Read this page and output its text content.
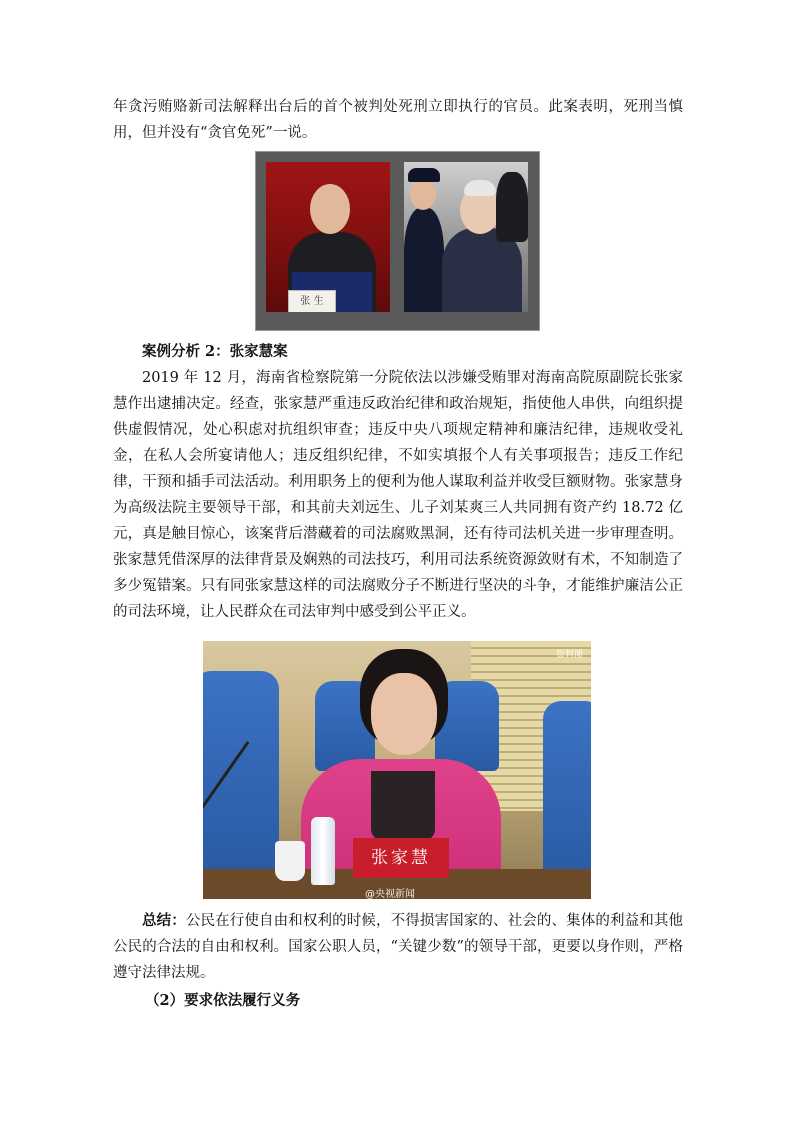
年贪污贿赂新司法解释出台后的首个被判处死刑立即执行的官员。此案表明，死刑当慎用，但并没有“贪官免死”一说。

张 生

案例分析 2：张家慧案

2019 年 12 月，海南省检察院第一分院依法以涉嫌受贿罪对海南高院原副院长张家慧作出逮捕决定。经查，张家慧严重违反政治纪律和政治规矩，指使他人串供，向组织提供虚假情况，处心积虑对抗组织审查；违反中央八项规定精神和廉洁纪律，违规收受礼金，在私人会所宴请他人；违反组织纪律，不如实填报个人有关事项报告；违反工作纪律，干预和插手司法活动。利用职务上的便利为他人谋取利益并收受巨额财物。张家慧身为高级法院主要领导干部，和其前夫刘远生、儿子刘某爽三人共同拥有资产约 18.72 亿元，真是触目惊心，该案背后潜藏着的司法腐败黑洞，还有待司法机关进一步审理查明。张家慧凭借深厚的法律背景及娴熟的司法技巧，利用司法系统资源敛财有术，不知制造了多少冤错案。只有同张家慧这样的司法腐败分子不断进行坚决的斗争，才能维护廉洁公正的司法环境，让人民群众在司法审判中感受到公平正义。

资料图
张家慧
@央视新闻

总结：公民在行使自由和权利的时候，不得损害国家的、社会的、集体的利益和其他公民的合法的自由和权利。国家公职人员，“关键少数”的领导干部，更要以身作则，严格遵守法律法规。

（2）要求依法履行义务
